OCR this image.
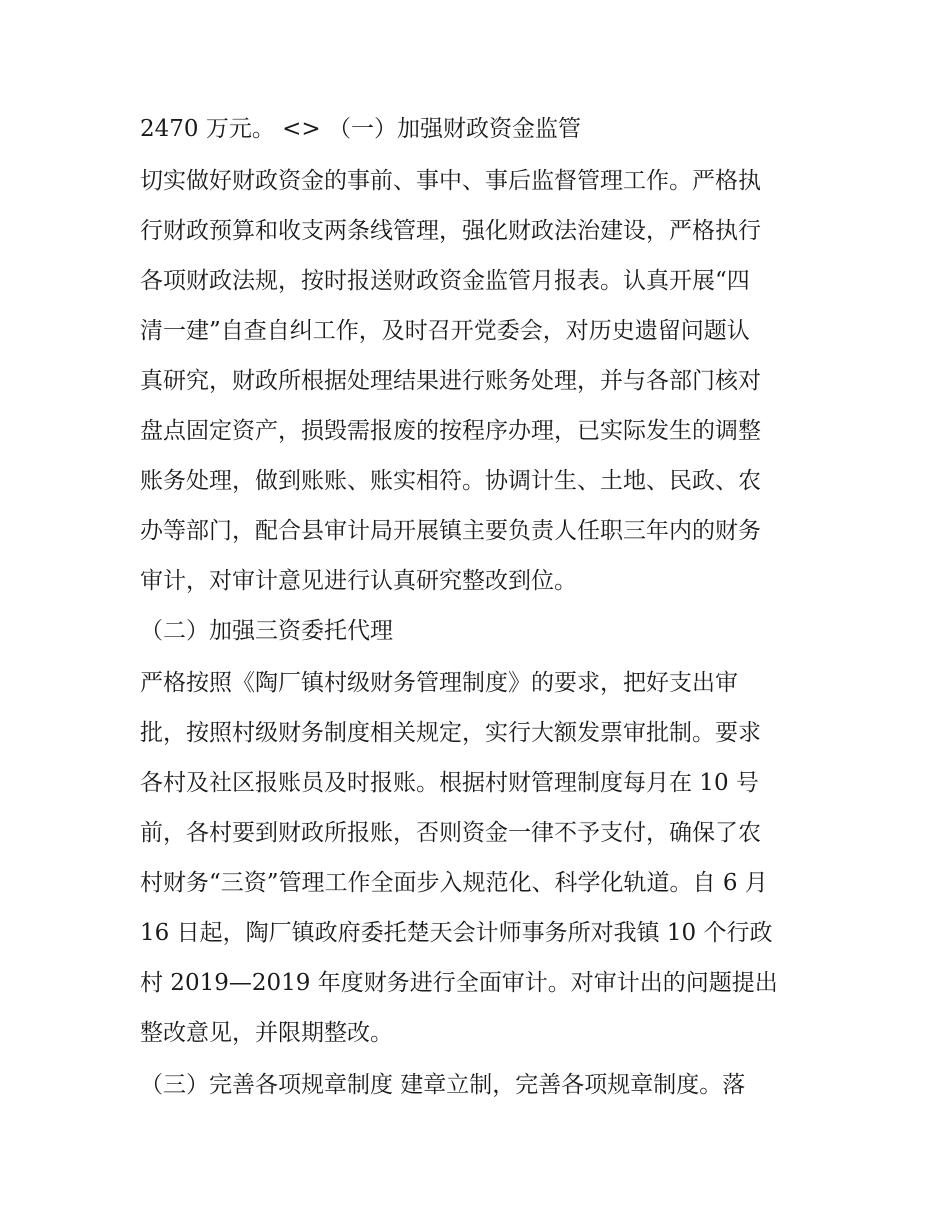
2470 万元。 <> （一）加强财政资金监管
切实做好财政资金的事前、事中、事后监督管理工作。严格执
行财政预算和收支两条线管理，强化财政法治建设，严格执行
各项财政法规，按时报送财政资金监管月报表。认真开展“四
清一建”自查自纠工作，及时召开党委会，对历史遗留问题认
真研究，财政所根据处理结果进行账务处理，并与各部门核对
盘点固定资产，损毁需报废的按程序办理，已实际发生的调整
账务处理，做到账账、账实相符。协调计生、土地、民政、农
办等部门，配合县审计局开展镇主要负责人任职三年内的财务
审计，对审计意见进行认真研究整改到位。
（二）加强三资委托代理
严格按照《陶厂镇村级财务管理制度》的要求，把好支出审
批，按照村级财务制度相关规定，实行大额发票审批制。要求
各村及社区报账员及时报账。根据村财管理制度每月在 10 号
前，各村要到财政所报账，否则资金一律不予支付，确保了农
村财务“三资”管理工作全面步入规范化、科学化轨道。自 6 月
16 日起，陶厂镇政府委托楚天会计师事务所对我镇 10 个行政
村 2019—2019 年度财务进行全面审计。对审计出的问题提出
整改意见，并限期整改。
（三）完善各项规章制度 建章立制，完善各项规章制度。落
